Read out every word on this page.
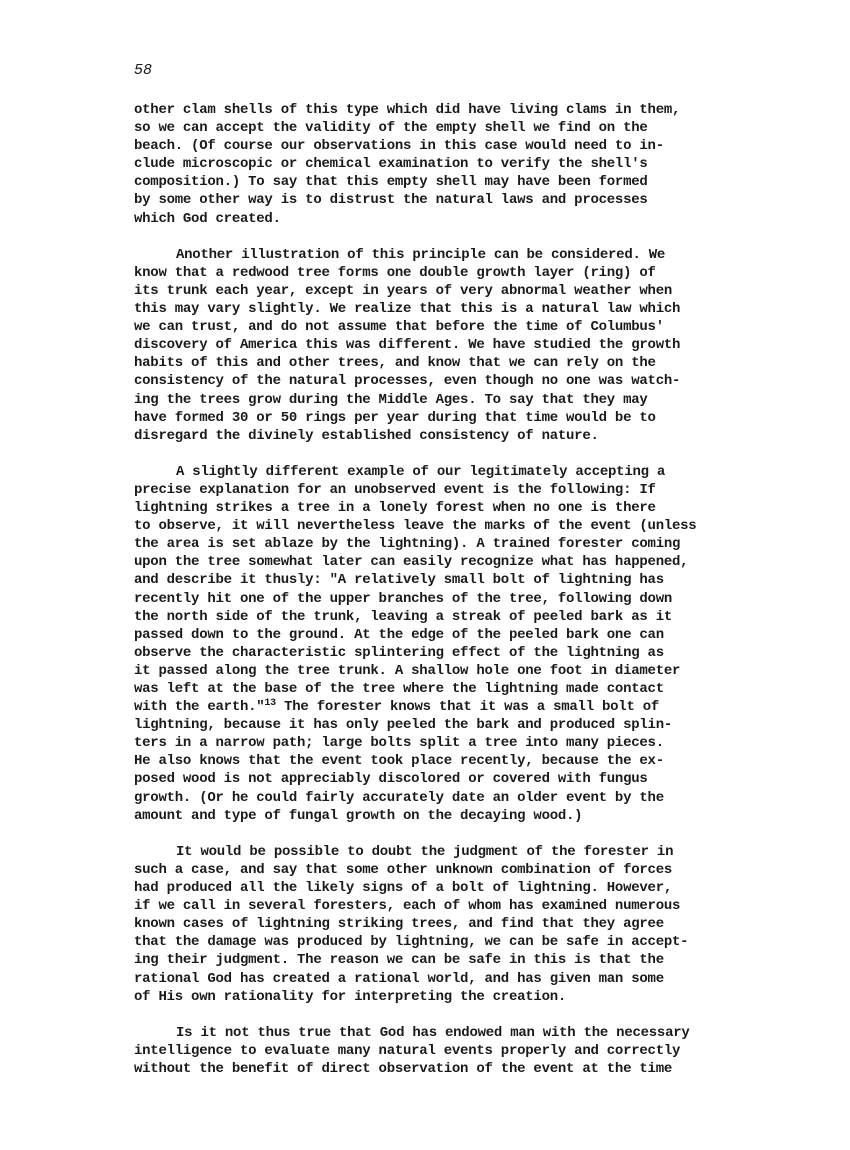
58
other clam shells of this type which did have living clams in them,
so we can accept the validity of the empty shell we find on the
beach. (Of course our observations in this case would need to in-
clude microscopic or chemical examination to verify the shell's
composition.) To say that this empty shell may have been formed
by some other way is to distrust the natural laws and processes
which God created.
Another illustration of this principle can be considered. We
know that a redwood tree forms one double growth layer (ring) of
its trunk each year, except in years of very abnormal weather when
this may vary slightly. We realize that this is a natural law which
we can trust, and do not assume that before the time of Columbus'
discovery of America this was different. We have studied the growth
habits of this and other trees, and know that we can rely on the
consistency of the natural processes, even though no one was watch-
ing the trees grow during the Middle Ages. To say that they may
have formed 30 or 50 rings per year during that time would be to
disregard the divinely established consistency of nature.
A slightly different example of our legitimately accepting a
precise explanation for an unobserved event is the following: If
lightning strikes a tree in a lonely forest when no one is there
to observe, it will nevertheless leave the marks of the event (unless
the area is set ablaze by the lightning). A trained forester coming
upon the tree somewhat later can easily recognize what has happened,
and describe it thusly: "A relatively small bolt of lightning has
recently hit one of the upper branches of the tree, following down
the north side of the trunk, leaving a streak of peeled bark as it
passed down to the ground. At the edge of the peeled bark one can
observe the characteristic splintering effect of the lightning as
it passed along the tree trunk. A shallow hole one foot in diameter
was left at the base of the tree where the lightning made contact
with the earth."$^{13}$ The forester knows that it was a small bolt of
lightning, because it has only peeled the bark and produced splin-
ters in a narrow path; large bolts split a tree into many pieces.
He also knows that the event took place recently, because the ex-
posed wood is not appreciably discolored or covered with fungus
growth. (Or he could fairly accurately date an older event by the
amount and type of fungal growth on the decaying wood.)
It would be possible to doubt the judgment of the forester in
such a case, and say that some other unknown combination of forces
had produced all the likely signs of a bolt of lightning. However,
if we call in several foresters, each of whom has examined numerous
known cases of lightning striking trees, and find that they agree
that the damage was produced by lightning, we can be safe in accept-
ing their judgment. The reason we can be safe in this is that the
rational God has created a rational world, and has given man some
of His own rationality for interpreting the creation.
Is it not thus true that God has endowed man with the necessary
intelligence to evaluate many natural events properly and correctly
without the benefit of direct observation of the event at the time
